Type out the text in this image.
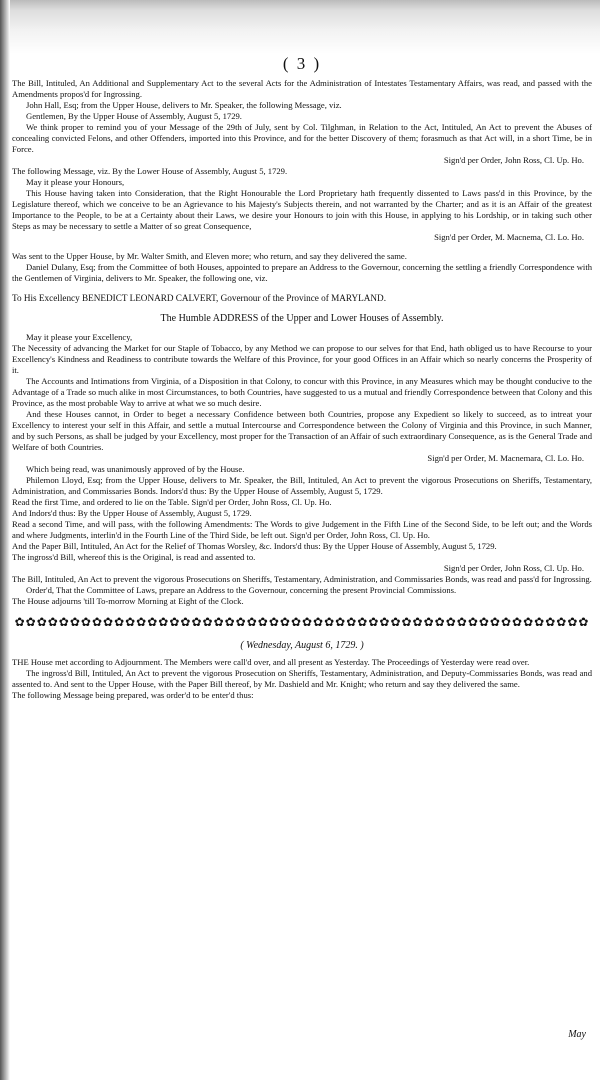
( 3 )

The Bill, Intituled, An Additional and Supplementary Act to the several Acts for the Administration of Intestates Testamentary Affairs, was read, and passed with the Amendments propos'd for Ingrossing.

John Hall, Esq; from the Upper House, delivers to Mr. Speaker, the following Message, viz.

Gentlemen, By the Upper House of Assembly, August 5, 1729.

We think proper to remind you of your Message of the 29th of July, sent by Col. Tilghman, in Relation to the Act, Intituled, An Act to prevent the Abuses of concealing convicted Felons, and other Offenders, imported into this Province, and for the better Discovery of them; forasmuch as that Act will, in a short Time, be in Force.

Sign'd per Order, John Ross, Cl. Up. Ho.

The following Message, viz. By the Lower House of Assembly, August 5, 1729.

May it please your Honours,

This House having taken into Consideration, that the Right Honourable the Lord Proprietary hath frequently dissented to Laws pass'd in this Province, by the Legislature thereof, which we conceive to be an Agrievance to his Majesty's Subjects therein, and not warranted by the Charter; and as it is an Affair of the greatest Importance to the People, to be at a Certainty about their Laws, we desire your Honours to join with this House, in applying to his Lordship, or in taking such other Steps as may be necessary to settle a Matter of so great Consequence,

Sign'd per Order, M. Macnema, Cl. Lo. Ho.

Was sent to the Upper House, by Mr. Walter Smith, and Eleven more; who return, and say they delivered the same.

Daniel Dulany, Esq; from the Committee of both Houses, appointed to prepare an Address to the Governour, concerning the settling a friendly Correspondence with the Gentlemen of Virginia, delivers to Mr. Speaker, the following one, viz.

To His Excellency BENEDICT LEONARD CALVERT, Governour of the Province of MARYLAND.

The Humble ADDRESS of the Upper and Lower Houses of Assembly.

May it please your Excellency,

The Necessity of advancing the Market for our Staple of Tobacco, by any Method we can propose to our selves for that End, hath obliged us to have Recourse to your Excellency's Kindness and Readiness to contribute towards the Welfare of this Province, for your good Offices in an Affair which so nearly concerns the Prosperity of it.

The Accounts and Intimations from Virginia, of a Disposition in that Colony, to concur with this Province, in any Measures which may be thought conducive to the Advantage of a Trade so much alike in most Circumstances, to both Countries, have suggested to us a mutual and friendly Correspondence between that Colony and this Province, as the most probable Way to arrive at what we so much desire.

And these Houses cannot, in Order to beget a necessary Confidence between both Countries, propose any Expedient so likely to succeed, as to intreat your Excellency to interest your self in this Affair, and settle a mutual Intercourse and Correspondence between the Colony of Virginia and this Province, in such Manner, and by such Persons, as shall be judged by your Excellency, most proper for the Transaction of an Affair of such extraordinary Consequence, as is the General Trade and Welfare of both Countries.

Sign'd per Order, M. Macnemara, Cl. Lo. Ho.

Which being read, was unanimously approved of by the House.

Philemon Lloyd, Esq; from the Upper House, delivers to Mr. Speaker, the Bill, Intituled, An Act to prevent the vigorous Prosecutions on Sheriffs, Testamentary, Administration, and Commissaries Bonds. Indors'd thus: By the Upper House of Assembly, August 5, 1729.

Read the first Time, and ordered to lie on the Table. Sign'd per Order, John Ross, Cl. Up. Ho.

And Indors'd thus: By the Upper House of Assembly, August 5, 1729.

Read a second Time, and will pass, with the following Amendments: The Words to give Judgement in the Fifth Line of the Second Side, to be left out; and the Words and where Judgments, interlin'd in the Fourth Line of the Third Side, be left out. Sign'd per Order, John Ross, Cl. Up. Ho.

And the Paper Bill, Intituled, An Act for the Relief of Thomas Worsley, &c. Indors'd thus: By the Upper House of Assembly, August 5, 1729.

The ingross'd Bill, whereof this is the Original, is read and assented to.

Sign'd per Order, John Ross, Cl. Up. Ho.

The Bill, Intituled, An Act to prevent the vigorous Prosecutions on Sheriffs, Testamentary, Administration, and Commissaries Bonds, was read and pass'd for Ingrossing.

Order'd, That the Committee of Laws, prepare an Address to the Governour, concerning the present Provincial Commissions.

The House adjourns 'till To-morrow Morning at Eight of the Clock.

✿✿✿✿✿✿✿✿✿✿✿✿✿✿✿✿✿✿✿✿✿✿✿✿✿✿✿✿✿✿✿✿✿✿✿✿✿✿✿✿✿✿✿✿✿✿✿✿✿✿✿✿
( Wednesday, August 6, 1729. )

THE House met according to Adjournment. The Members were call'd over, and all present as Yesterday. The Proceedings of Yesterday were read over.

The ingross'd Bill, Intituled, An Act to prevent the vigorous Prosecution on Sheriffs, Testamentary, Administration, and Deputy-Commissaries Bonds, was read and assented to. And sent to the Upper House, with the Paper Bill thereof, by Mr. Dashield and Mr. Knight; who return and say they delivered the same.

The following Message being prepared, was order'd to be enter'd thus:

May
